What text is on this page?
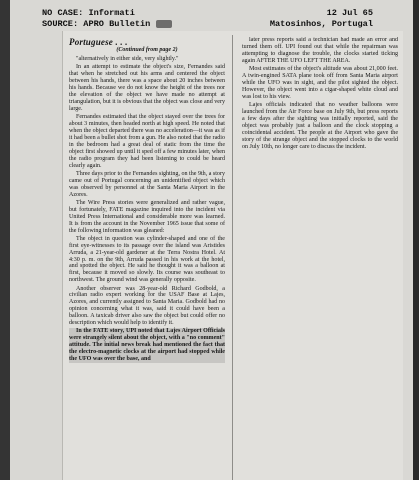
NO CASE: Informati
SOURCE: APRO Bulletin
12 Jul 65
Matosinhos, Portugal
Portuguese . . .
(Continued from page 2)

"alternatively in either side, very slightly."

In an attempt to estimate the object's size, Fernandes said that when he stretched out his arms and centered the object between his hands, there was a space about 20 inches between his hands. Because we do not know the height of the trees nor the elevation of the object we have made no attempt at triangulation, but it is obvious that the object was close and very large.

Fernandes estimated that the object stayed over the trees for about 3 minutes, then headed north at high speed. He noted that when the object departed there was no acceleration—it was as if it had been a bullet shot from a gun. He also noted that the radio in the bedroom had a great deal of static from the time the object first showed up until it sped off a few minutes later, when the radio program they had been listening to could be heard clearly again.

Three days prior to the Fernandes sighting, on the 9th, a story came out of Portugal concerning an unidentified object which was observed by personnel at the Santa Maria Airport in the Azores.

The Wire Press stories were generalized and rather vague, but fortunately, FATE magazine inquired into the incident via United Press International and considerable more was learned. It is from the account in the November 1965 issue that some of the following information was gleaned:

The object in question was cylinder-shaped and one of the first eye-witnesses to its passage over the island was Aristides Arruda, a 21-year-old gardener at the Terra Nostra Hotel. At 4:30 p. m. on the 9th, Arruda passed in his work at the hotel, and spotted the object. He said he thought it was a balloon at first, because it moved so slowly. Its course was southeast to northwest. The ground wind was generally opposite.

Another observer was 28-year-old Richard Godbold, a civilian radio expert working for the USAF Base at Lajes, Azores, and currently assigned to Santa Maria. Godbold had no opinion concerning what it was, said it could have been a balloon. A taxicab driver also saw the object but could offer no description which would help to identify it.

In the FATE story, UPI noted that Lajes Airport Officials were strangely silent about the object, with a "no comment" attitude. The initial news break had mentioned the fact that the electro-magnetic clocks at the airport had stopped while the UFO was over the base, and

later press reports said a technician had made an error and turned them off. UPI found out that while the repairman was attempting to diagnose the trouble, the clocks started ticking again AFTER THE UFO LEFT THE AREA.

Most estimates of the object's altitude was about 21,000 feet. A twin-engined SATA plane took off from Santa Maria airport while the UFO was in sight, and the pilot sighted the object. However, the object went into a cigar-shaped white cloud and was lost to his view.

Lajes officials indicated that no weather balloons were launched from the Air Force base on July 9th, but press reports a few days after the sighting was initially reported, said the object was probably just a balloon and the clock stopping a coincidental accident. The people at the Airport who gave the story of the strange object and the stopped clocks to the world on July 10th, no longer care to discuss the incident.
